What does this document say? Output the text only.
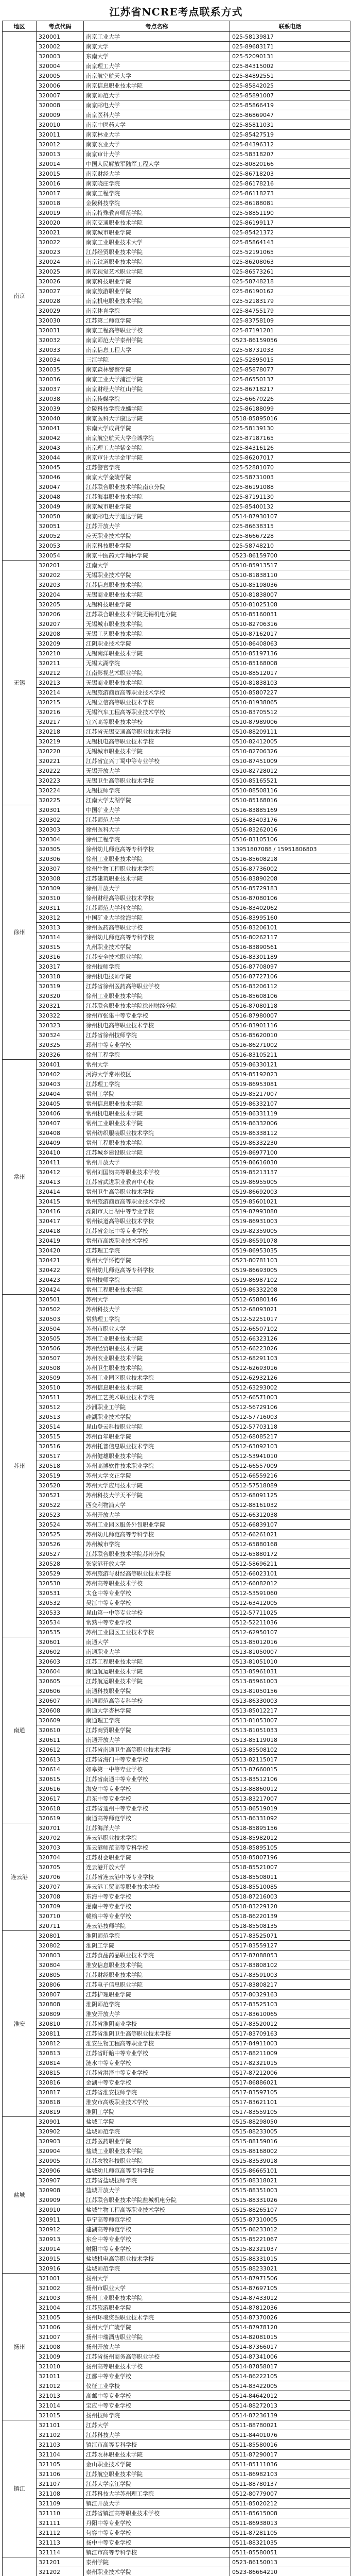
江苏省NCRE考点联系方式
地区	考点代码	考点名称	联系电话
南京	320001	南京工业大学	025-58139817
	320002	南京大学	025-89683171
	320003	东南大学	025-52090131
	320004	南京理工大学	025-84315002
	320005	南京航空航天大学	025-84892551
	320006	南京信息职业技术学院	025-85842025
	320007	南京师范大学	025-85891007
	320008	南京邮电大学	025-85866419
	320009	南京医科大学	025-86869047
	320010	南京中医药大学	025-85811031
	320011	南京林业大学	025-85427519
	320012	南京农业大学	025-84396312
	320013	南京审计大学	025-58318207
	320014	中国人民解放军陆军工程大学	025-80820166
	320015	南京财经大学	025-86718203
	320016	南京晓庄学院	025-86178216
	320017	南京工程学院	025-86118273
	320018	金陵科技学院	025-86188081
	320019	南京特殊教育师范学院	025-58851190
	320020	南京交通职业技术学院	025-86199117
	320021	南京城市职业学院	025-85421372
	320022	南京工业职业技术大学	025-85864143
	320023	江苏经贸职业技术学院	025-52191065
	320024	南京铁道职业技术学院	025-86208063
	320025	南京视觉艺术职业学院	025-86573261
	320026	南京科技职业学院	025-58748218
	320027	南京旅游职业学院	025-86190162
	320028	南京机电职业技术学院	025-52183179
	320029	南京体育学院	025-84755179
	320030	江苏第二师范学院	025-83758109
	320031	南京工程高等职业学校	025-87191201
	320032	南京师范大学泰州学院	0523-86159056
	320033	南京信息工程大学	025-58731033
	320034	三江学院	025-52895015
	320035	南京森林警察学院	025-85878077
	320036	南京工业大学浦江学院	025-86550137
	320037	南京财经大学红山学院	025-86718217
	320038	南京传媒学院	025-66670226
	320039	金陵科技学院龙蟠学院	025-86188099
	320040	南京医科大学康达学院	0518-85895016
	320041	东南大学成贤学院	025-58139130
	320042	南京航空航天大学金城学院	025-87187165
	320043	南京理工大学紫金学院	025-84316126
	320044	南京审计大学金审学院	025-86207017
	320045	江苏警官学院	025-52881070
	320046	南京大学金陵学院	025-58731003
	320047	江苏联合职业技术学院南京分院	025-86191088
	320048	江苏海事职业技术学院	025-87191130
	320049	南京城市职业学院	025-85400132
	320050	南京邮电大学通达学院	0514-87930107
	320051	江苏开放大学	025-86638315
	320052	应天职业技术学院	025-86667228
	320053	南京科技职业学院	025-58748210
	320054	南京中医药大学翰林学院	0523-86159700
无锡	320201	江南大学	0510-85913517
	320202	无锡职业技术学院	0510-81838110
	320203	江苏信息职业技术学院	0510-85198036
	320204	无锡商业职业技术学院	0510-81838007
	320205	无锡科技职业学院	0510-81025108
	320206	江苏联合职业技术学院无锡机电分院	0510-85160031
	320207	无锡城市职业技术学院	0510-82706316
	320208	无锡工艺职业技术学院	0510-87162017
	320209	江阴职业技术学院	0510-86408063
	320210	无锡南洋职业技术学院	0510-85197136
	320211	无锡太湖学院	0510-85168008
	320212	江南影视艺术职业学院	0510-88512017
	320213	无锡商业职业技术学院	0510-81838103
	320214	无锡旅游商贸高等职业技术学校	0510-85807227
	320215	无锡立信高等职业技术学校	0510-81938065
	320216	无锡汽车工程高等职业技术学校	0510-83705512
	320217	宜兴高等职业技术学校	0510-87989006
	320218	江苏省无锡交通高等职业技术学校	0510-88209111
	320219	无锡机电高等职业技术学校	0510-82412005
	320220	无锡城市职业技术学院	0510-82706326
	320221	江苏省宜兴丁蜀中等专业学校	0510-87451009
	320222	无锡开放大学	0510-82728012
	320223	无锡卫生高等职业技术学校	0510-85165521
	320224	无锡技师学院	0510-88508116
	320225	江南大学太湖学院	0510-85168016
徐州	320301	中国矿业大学	0516-83885169
	320302	江苏师范大学	0516-83403176
	320303	徐州医科大学	0516-83262016
	320304	徐州工程学院	0516-83105106
	320305	徐州幼儿师范高等专科学校	13951807088 / 15951806803
	320306	徐州工业职业技术学院	0516-85608218
	320307	徐州生物工程职业技术学院	0516-87736002
	320308	江苏建筑职业技术学院	0516-83890208
	320309	徐州开放大学	0516-85729183
	320310	徐州财经高等职业技术学校	0516-87080106
	320311	江苏师范大学科文学院	0516-83402062
	320312	中国矿业大学徐海学院	0516-83995160
	320313	徐州医药高等职业学校	0516-83206101
	320314	徐州幼儿师范高等专科学校	0516-80262117
	320315	九州职业技术学院	0516-83890561
	320316	江苏安全技术职业学院	0516-83301189
	320317	徐州技师学院	0516-87708097
	320318	徐州机电技师学院	0516-87727106
	320319	江苏省徐州医药高等职业学校	0516-83206112
	320320	徐州工业职业技术学院	0516-85608106
	320321	江苏联合职业技术学院徐州财经分院	0516-87080118
	320322	徐州市张集中等专业学校	0516-87980007
	320323	徐州机电高等职业技术学校	0516-83901116
	320324	江苏省徐州技师学院	0516-85620010
	320325	邳州中等专业学校	0516-86271002
	320326	徐州工程学院	0516-83105211
常州	320401	常州大学	0519-86330121
	320402	河海大学常州校区	0519-85192023
	320403	江苏理工学院	0519-86953081
	320404	常州工学院	0519-85217007
	320405	常州信息职业技术学院	0519-86332107
	320406	常州机电职业技术学院	0519-86331119
	320407	常州工业职业技术学院	0519-86332006
	320408	常州纺织服装职业技术学院	0519-86338112
	320409	常州工程职业技术学院	0519-86332230
	320410	江苏城乡建设职业学院	0519-86977100
	320411	常州开放大学	0519-86616030
	320412	常州刘国钧高等职业技术学校	0519-85213137
	320413	江苏省武进职业教育中心校	0519-86955005
	320414	常州卫生高等职业技术学校	0519-86692003
	320415	常州旅游商贸高等职业技术学校	0519-85601021
	320416	溧阳市天目湖中等专业学校	0519-87993080
	320417	常州铁道高等职业技术学校	0519-86931003
	320418	江苏省金坛中等专业学校	0519-82359005
	320419	常州市高级职业技术学校	0519-86591078
	320420	江苏理工学院	0519-86953035
	320421	常州大学怀德学院	0523-80781103
	320422	常州幼儿师范高等专科学校	0519-86693005
	320423	常州技师学院	0519-86987102
	320424	常州工程职业技术学院	0519-86332208
苏州	320501	苏州大学	0512-65880146
	320502	苏州科技大学	0512-68093021
	320503	常熟理工学院	0512-52251017
	320504	苏州市职业大学	0512-66507102
	320505	苏州工业职业技术学院	0512-66323126
	320506	苏州经贸职业技术学院	0512-66223026
	320507	苏州农业职业技术学院	0512-68291103
	320508	苏州卫生职业技术学院	0512-62693016
	320509	苏州工业园区职业技术学院	0512-62932126
	320510	苏州信息职业技术学院	0512-63293002
	320511	苏州工艺美术职业技术学院	0512-66571003
	320512	沙洲职业工学院	0512-56729106
	320513	硅湖职业技术学院	0512-57716003
	320514	昆山登云科技职业学院	0512-57703118
	320515	苏州百年职业学院	0512-68085217
	320516	苏州托普信息职业技术学院	0512-63092103
	320517	苏州健雄职业技术学院	0512-53941010
	320518	苏州高博软件技术职业学院	0512-66557009
	320519	苏州大学文正学院	0512-66559216
	320520	苏州大学应用技术学院	0512-57518089
	320521	苏州科技大学天平学院	0512-68091125
	320522	西交利物浦大学	0512-88161032
	320523	苏州开放大学	0512-66312038
	320524	苏州工业园区服务外包职业学院	0512-66839107
	320525	苏州幼儿师范高等专科学校	0512-66261021
	320526	苏州城市学院	0512-65880168
	320527	江苏联合职业技术学院苏州分院	0512-65880172
	320528	张家港开放大学	0512-58696211
	320529	苏州旅游与财经高等职业技术学校	0512-66023101
	320530	苏州高等职业技术学校	0512-66082012
	320531	太仓中等专业学校	0512-53591060
	320532	吴江中等专业学校	0512-63412005
	320533	昆山第一中等专业学校	0512-57711025
	320534	常熟中等专业学校	0512-52211036
	320535	苏州工业园区工业技术学校	0512-62950107
南通	320601	南通大学	0513-85012016
	320602	南通职业大学	0513-81050007
	320603	江苏工程职业技术学院	0513-81051010
	320604	南通航运职业技术学院	0513-85961031
	320605	江苏航运职业技术学院	0513-85961003
	320606	南通科技职业学院	0513-81050156
	320607	南通师范高等专科学校	0513-86330003
	320608	南通大学杏林学院	0513-85012217
	320609	南通理工学院	0513-81053007
	320610	江苏商贸职业学院	0513-81051033
	320611	南通开放大学	0513-85119018
	320612	江苏省南通卫生高等职业技术学校	0513-85508102
	320613	江苏省海门中等专业学校	0513-82115017
	320614	如皋第一中等专业学校	0513-87660015
	320615	江苏省南通中等专业学校	0513-83512106
	320616	海安中等专业学校	0513-88860012
	320617	启东中等专业学校	0513-83217007
	320618	江苏省通州中等专业学校	0513-86519019
	320619	南通高等师范学校	0513-86331092
连云港	320701	江苏海洋大学	0518-85895156
	320702	连云港职业技术学院	0518-85982012
	320703	连云港师范高等专科学校	0518-85895105
	320704	江苏财会职业学院	0518-85807196
	320705	连云港开放大学	0518-85521007
	320706	江苏省连云港中等专业学校	0518-85508011
	320707	连云港工贸高等职业技术学校	0518-85510085
	320708	东海中等专业学校	0518-87216003
	320709	灌南中等专业学校	0518-83229120
	320710	赣榆中等专业学校	0518-86220139
	320711	连云港技师学院	0518-85508135
淮安	320801	淮阴师范学院	0517-83525071
	320802	淮阴工学院	0517-83559127
	320803	江苏食品药品职业技术学院	0517-87088053
	320804	淮安信息职业技术学院	0517-83808102
	320805	江苏财经职业技术学院	0517-83591003
	320806	江苏电子信息职业学院	0517-83808217
	320807	江苏护理职业学院	0517-80329163
	320808	淮阴师范学院	0517-83525103
	320809	淮安开放大学	0517-83610065
	320810	江苏省淮阴商业学校	0517-83520012
	320811	江苏省淮阴卫生高等职业技术学校	0517-83709163
	320812	淮安生物工程高等职业学校	0517-84911003
	320813	江苏省盱眙中等专业学校	0517-88211009
	320814	涟水中等专业学校	0517-82321015
	320815	江苏省洪泽中等专业学校	0517-87212006
	320816	金湖中等专业学校	0517-86886021
	320817	江苏省淮安技师学院	0517-83597105
	320818	淮安市高级职业技术学校	0517-83621101
	320819	淮阴工学院	0517-83559105
盐城	320901	盐城工学院	0515-88298050
	320902	盐城师范学院	0515-88233005
	320903	江苏医药职业学院	0515-88159016
	320904	盐城工业职业技术学院	0515-88168002
	320905	江苏农牧科技职业学院	0515-83539018
	320906	盐城幼儿师范高等专科学校	0515-86665101
	320907	江苏省盐城技师学院	0515-88318021
	320908	盐城开放大学	0515-88351003
	320909	江苏联合职业技术学院盐城机电分院	0515-88331026
	320910	盐城生物工程高等职业技术学校	0515-88265107
	320911	阜宁高等师范学校	0515-87310005
	320912	建湖高等师范学校	0515-86233012
	320913	东台中等专业学校	0515-85221067
	320914	射阳中等专业学校	0515-82321037
	320915	盐城机电高等职业技术学校	0515-88331015
	320916	盐城师范学院	0515-88233021
扬州	321001	扬州大学	0514-87971506
	321002	扬州市职业大学	0514-87697105
	321003	扬州工业职业技术学院	0514-87433012
	321004	江苏旅游职业学院	0514-87812036
	321005	扬州环境资源职业技术学院	0514-87370026
	321006	扬州大学广陵学院	0514-87978120
	321007	扬州中瑞酒店职业学院	0514-82081015
	321008	扬州开放大学	0514-87366017
	321009	江苏省扬州商务高等职业学校	0514-87341006
	321010	扬州高等职业技术学校	0514-87858017
	321011	江都中等专业学校	0514-86222105
	321012	仪征工业学校	0514-83422005
	321013	高邮中等专业学校	0514-84642012
	321014	宝应中等专业学校	0514-88272013
	321015	扬州技师学院	0514-87236139
镇江	321101	江苏大学	0511-88780021
	321102	江苏科技大学	0511-84401076
	321103	镇江市高等专科学校	0511-85580016
	321104	江苏农林职业技术学院	0511-87290017
	321105	金山职业技术学院	0511-85111036
	321106	江苏航空职业技术学院	0511-86982103
	321107	江苏大学京江学院	0511-88780137
	321108	江苏科技大学苏州理工学院	0512-80779007
	321109	镇江开放大学	0511-85020212
	321110	江苏省镇江高等职业技术学校	0511-85615008
	321111	丹阳中等专业学校	0511-86938013
	321112	句容中等专业学校	0511-87281105
	321113	扬中中等专业学校	0511-88321035
	321114	镇江市高等专科学校	0511-85580051
	321201	泰州学院	0523-86150013
	321202	泰州职业技术学院	0523-86664210
